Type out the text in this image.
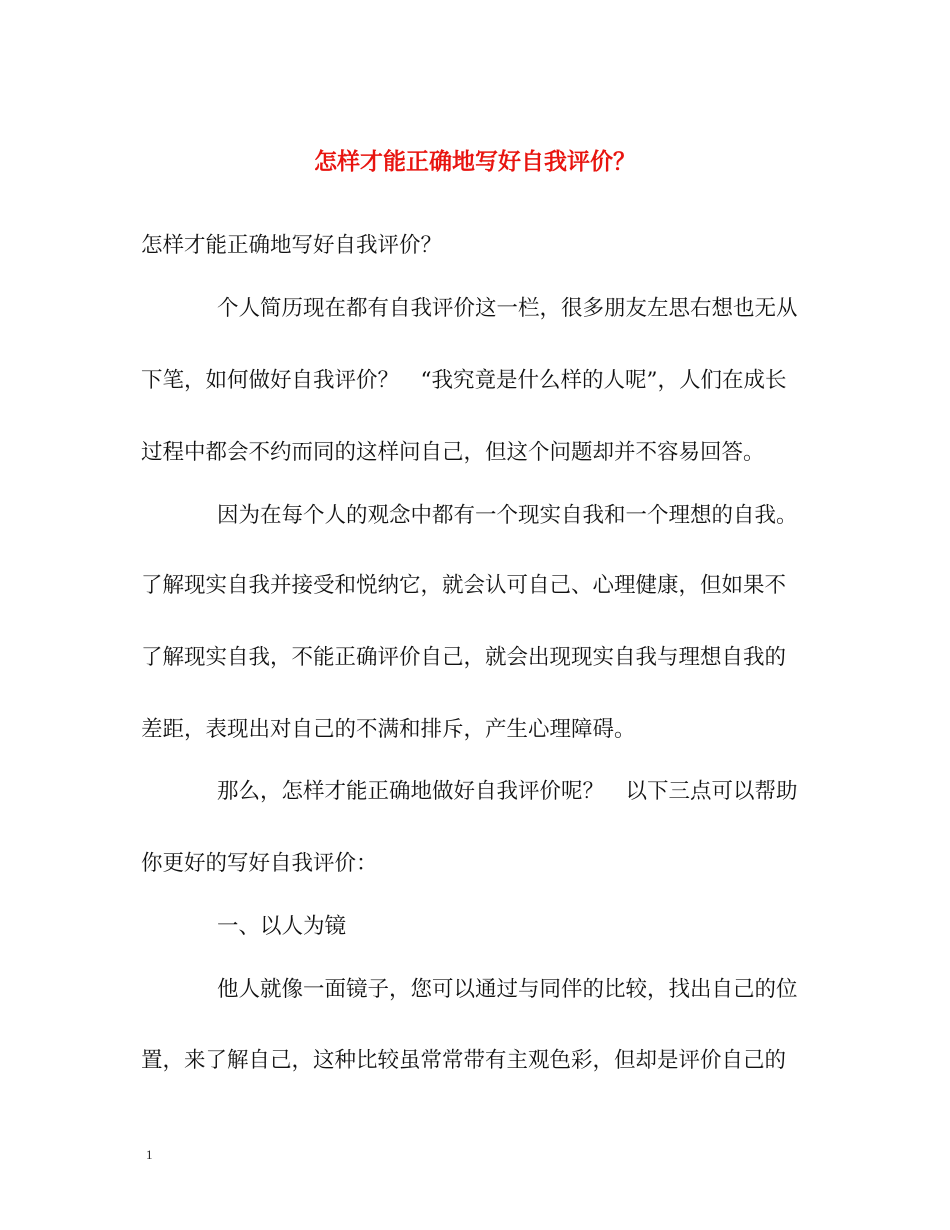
怎样才能正确地写好自我评价？
怎样才能正确地写好自我评价？
个人简历现在都有自我评价这一栏，很多朋友左思右想也无从
下笔，如何做好自我评价？　“我究竟是什么样的人呢”，人们在成长
过程中都会不约而同的这样问自己，但这个问题却并不容易回答。
因为在每个人的观念中都有一个现实自我和一个理想的自我。
了解现实自我并接受和悦纳它，就会认可自己、心理健康，但如果不
了解现实自我，不能正确评价自己，就会出现现实自我与理想自我的
差距，表现出对自己的不满和排斥，产生心理障碍。
那么，怎样才能正确地做好自我评价呢？　以下三点可以帮助
你更好的写好自我评价：
一、以人为镜
他人就像一面镜子，您可以通过与同伴的比较，找出自己的位
置，来了解自己，这种比较虽常常带有主观色彩，但却是评价自己的
1
